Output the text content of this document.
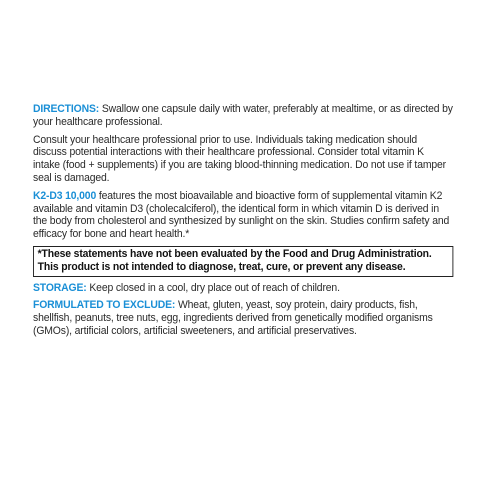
DIRECTIONS: Swallow one capsule daily with water, preferably at mealtime, or as directed by your healthcare professional.

Consult your healthcare professional prior to use. Individuals taking medication should discuss potential interactions with their healthcare professional. Consider total vitamin K intake (food + supplements) if you are taking blood-thinning medication. Do not use if tamper seal is damaged.

K2-D3 10,000 features the most bioavailable and bioactive form of supplemental vitamin K2 available and vitamin D3 (cholecalciferol), the identical form in which vitamin D is derived in the body from cholesterol and synthesized by sunlight on the skin. Studies confirm safety and efficacy for bone and heart health.*

*These statements have not been evaluated by the Food and Drug Administration.
This product is not intended to diagnose, treat, cure, or prevent any disease.

STORAGE: Keep closed in a cool, dry place out of reach of children.

FORMULATED TO EXCLUDE: Wheat, gluten, yeast, soy protein, dairy products, fish, shellfish, peanuts, tree nuts, egg, ingredients derived from genetically modified organisms (GMOs), artificial colors, artificial sweeteners, and artificial preservatives.
